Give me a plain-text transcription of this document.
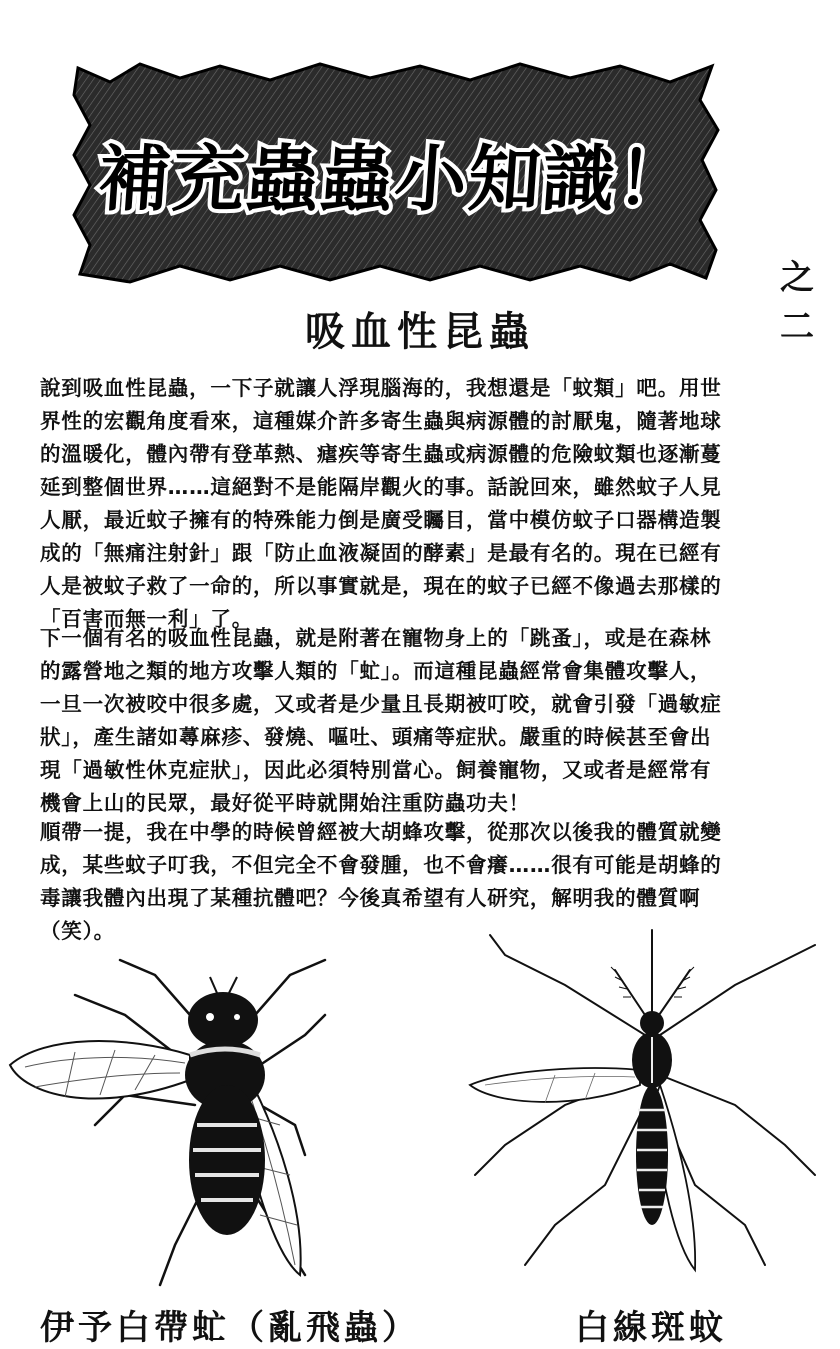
補充蟲蟲小知識！
之二
吸血性昆蟲

說到吸血性昆蟲，一下子就讓人浮現腦海的，我想還是「蚊類」吧。用世

界性的宏觀角度看來，這種媒介許多寄生蟲與病源體的討厭鬼，隨著地球

的溫暖化，體內帶有登革熱、瘧疾等寄生蟲或病源體的危險蚊類也逐漸蔓

延到整個世界……這絕對不是能隔岸觀火的事。話說回來，雖然蚊子人見

人厭，最近蚊子擁有的特殊能力倒是廣受矚目，當中模仿蚊子口器構造製

成的「無痛注射針」跟「防止血液凝固的酵素」是最有名的。現在已經有

人是被蚊子救了一命的，所以事實就是，現在的蚊子已經不像過去那樣的

「百害而無一利」了。

下一個有名的吸血性昆蟲，就是附著在寵物身上的「跳蚤」，或是在森林

的露營地之類的地方攻擊人類的「虻」。而這種昆蟲經常會集體攻擊人，

一旦一次被咬中很多處，又或者是少量且長期被叮咬，就會引發「過敏症

狀」，產生諸如蕁麻疹、發燒、嘔吐、頭痛等症狀。嚴重的時候甚至會出

現「過敏性休克症狀」，因此必須特別當心。飼養寵物，又或者是經常有

機會上山的民眾，最好從平時就開始注重防蟲功夫！

順帶一提，我在中學的時候曾經被大胡蜂攻擊，從那次以後我的體質就變

成，某些蚊子叮我，不但完全不會發腫，也不會癢……很有可能是胡蜂的

毒讓我體內出現了某種抗體吧？今後真希望有人研究，解明我的體質啊

（笑）。

伊予白帶虻（亂飛蟲）	白線斑蚊
